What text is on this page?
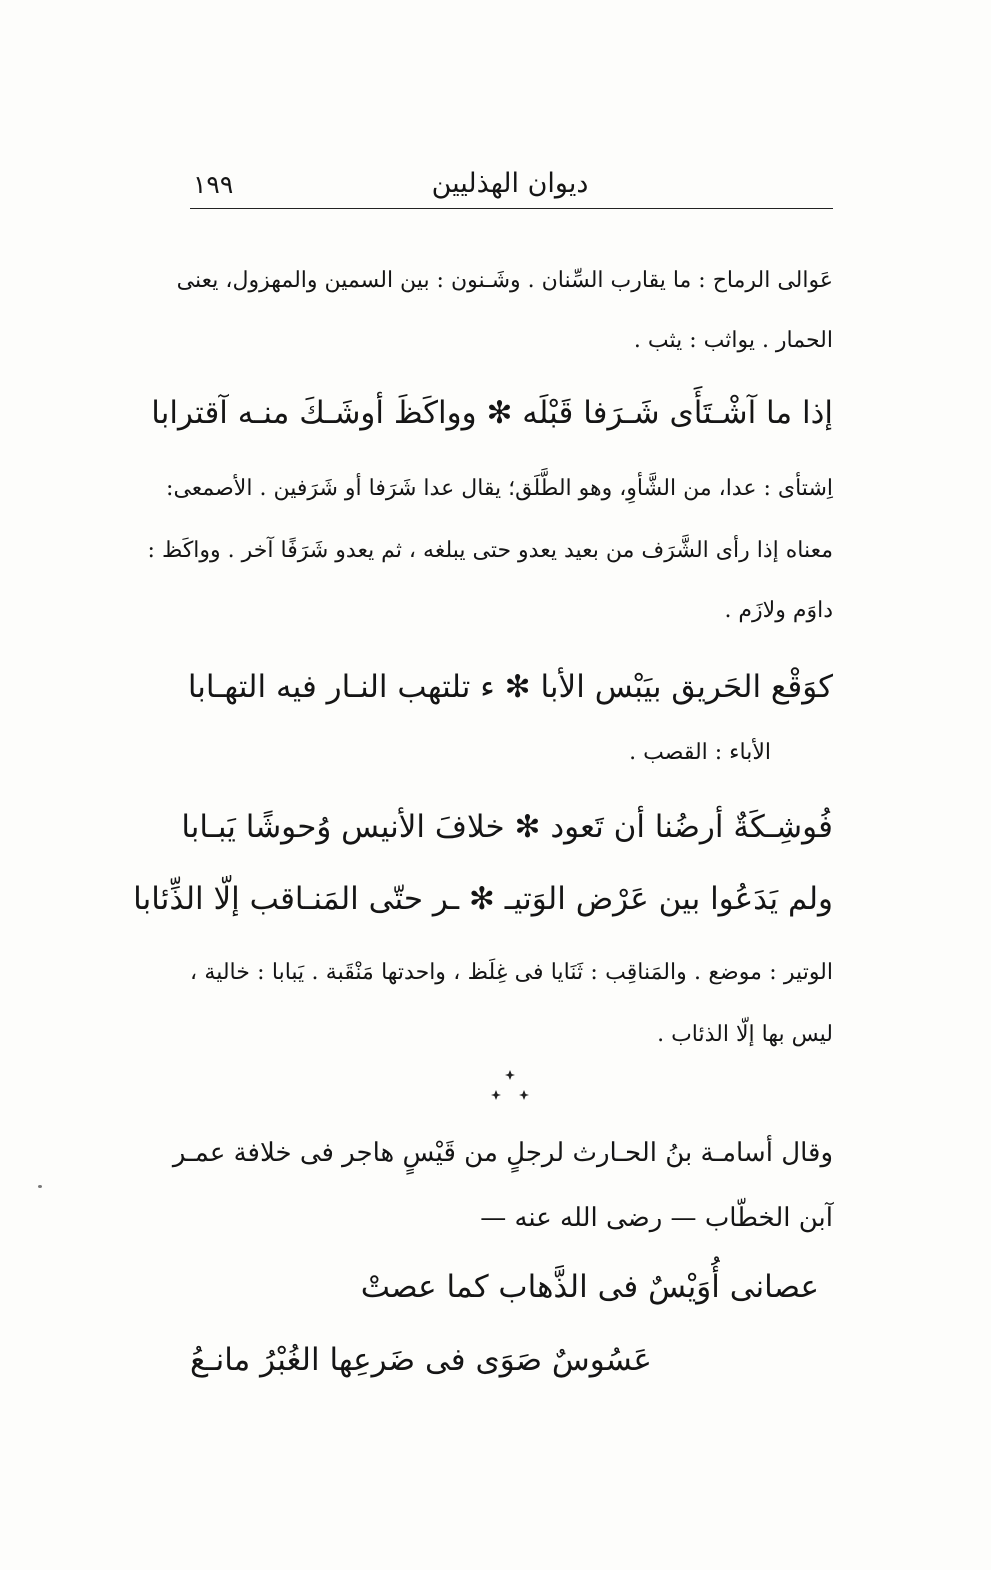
١٩٩	ديوان الهذليين
عَوالى الرماح : ما يقارب السِّنان . وشَـنون : بين السمين والمهزول، يعنى
الحمار . يواثب : يثب .
إذا ما آشْـتَأَى شَـرَفا قَبْلَه ✻ وواكَظَ أوشَـكَ منـه آقترابا
اِشتأى : عدا، من الشَّأوِ، وهو الطَّلَق؛ يقال عدا شَرَفا أو شَرَفين . الأصمعى:
معناه إذا رأى الشَّرَف من بعيد يعدو حتى يبلغه ، ثم يعدو شَرَفًا آخر . وواكَظ :
داوَم ولازَم .
كوَقْع الحَريق بيَبْس الأبا ✻ ء تلتهب النـار فيه التهـابا
الأباء : القصب .
فُوشِـكَةٌ أرضُنا أن تَعود ✻ خلافَ الأنيس وُحوشًا يَبـابا
ولم يَدَعُوا بين عَرْض الوَتيـ ✻ ـر حتّى المَنـاقب إلّا الذِّئابا
الوتير : موضع . والمَناقِب : ثَنَايا فى غِلَظ ، واحدتها مَنْقَبة . يَبابا : خالية ،
ليس بها إلّا الذئاب .
وقال أسامـة بنُ الحـارث لرجلٍ من قَيْسٍ هاجر فى خلافة عمـر
آبن الخطّاب — رضى الله عنه —
عصانى أُوَيْسٌ فى الذَّهاب كما عصتْ
عَسُوسٌ صَوَى فى ضَرعِها الغُبْرُ مانـعُ
